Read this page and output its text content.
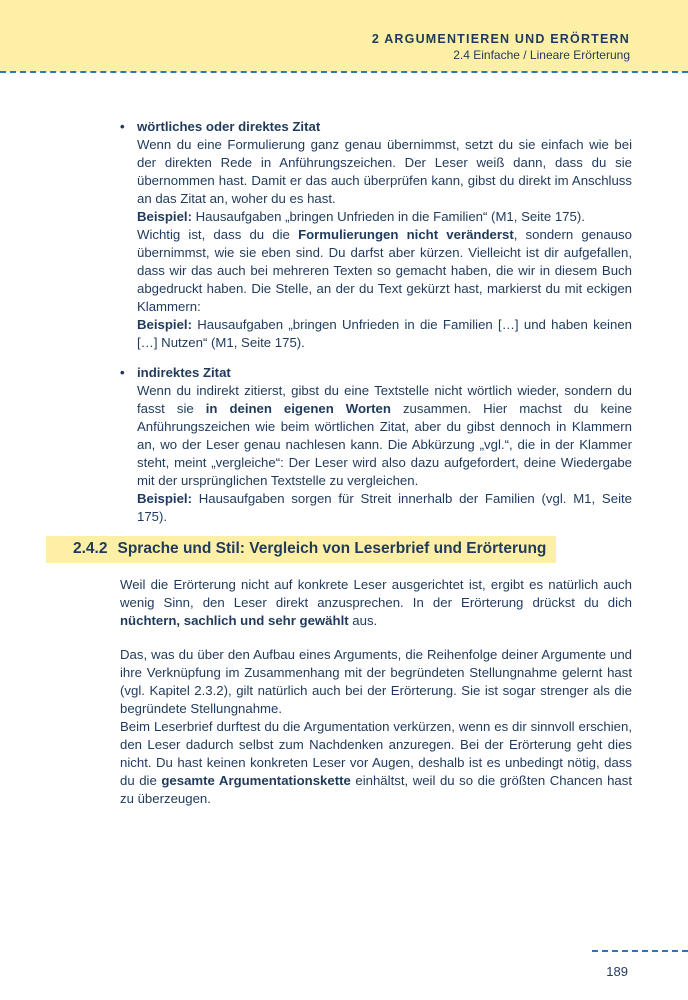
2 ARGUMENTIEREN UND ERÖRTERN
2.4 Einfache / Lineare Erörterung
• wörtliches oder direktes Zitat

Wenn du eine Formulierung ganz genau übernimmst, setzt du sie einfach wie bei der direkten Rede in Anführungszeichen. Der Leser weiß dann, dass du sie übernommen hast. Damit er das auch überprüfen kann, gibst du direkt im Anschluss an das Zitat an, woher du es hast.

Beispiel: Hausaufgaben „bringen Unfrieden in die Familien“ (M1, Seite 175).

Wichtig ist, dass du die Formulierungen nicht veränderst, sondern genauso übernimmst, wie sie eben sind. Du darfst aber kürzen. Vielleicht ist dir aufgefallen, dass wir das auch bei mehreren Texten so gemacht haben, die wir in diesem Buch abgedruckt haben. Die Stelle, an der du Text gekürzt hast, markierst du mit eckigen Klammern:

Beispiel: Hausaufgaben „bringen Unfrieden in die Familien […] und haben keinen […] Nutzen“ (M1, Seite 175).

• indirektes Zitat

Wenn du indirekt zitierst, gibst du eine Textstelle nicht wörtlich wieder, sondern du fasst sie in deinen eigenen Worten zusammen. Hier machst du keine Anführungszeichen wie beim wörtlichen Zitat, aber du gibst dennoch in Klammern an, wo der Leser genau nachlesen kann. Die Abkürzung „vgl.“, die in der Klammer steht, meint „vergleiche“: Der Leser wird also dazu aufgefordert, deine Wiedergabe mit der ursprünglichen Textstelle zu vergleichen.

Beispiel: Hausaufgaben sorgen für Streit innerhalb der Familien (vgl. M1, Seite 175).

2.4.2 Sprache und Stil: Vergleich von Leserbrief und Erörterung

Weil die Erörterung nicht auf konkrete Leser ausgerichtet ist, ergibt es natürlich auch wenig Sinn, den Leser direkt anzusprechen. In der Erörterung drückst du dich nüchtern, sachlich und sehr gewählt aus.

Das, was du über den Aufbau eines Arguments, die Reihenfolge deiner Argumente und ihre Verknüpfung im Zusammenhang mit der begründeten Stellungnahme gelernt hast (vgl. Kapitel 2.3.2), gilt natürlich auch bei der Erörterung. Sie ist sogar strenger als die begründete Stellungnahme.

Beim Leserbrief durftest du die Argumentation verkürzen, wenn es dir sinnvoll erschien, den Leser dadurch selbst zum Nachdenken anzuregen. Bei der Erörterung geht dies nicht. Du hast keinen konkreten Leser vor Augen, deshalb ist es unbedingt nötig, dass du die gesamte Argumentationskette einhältst, weil du so die größten Chancen hast zu überzeugen.

189
